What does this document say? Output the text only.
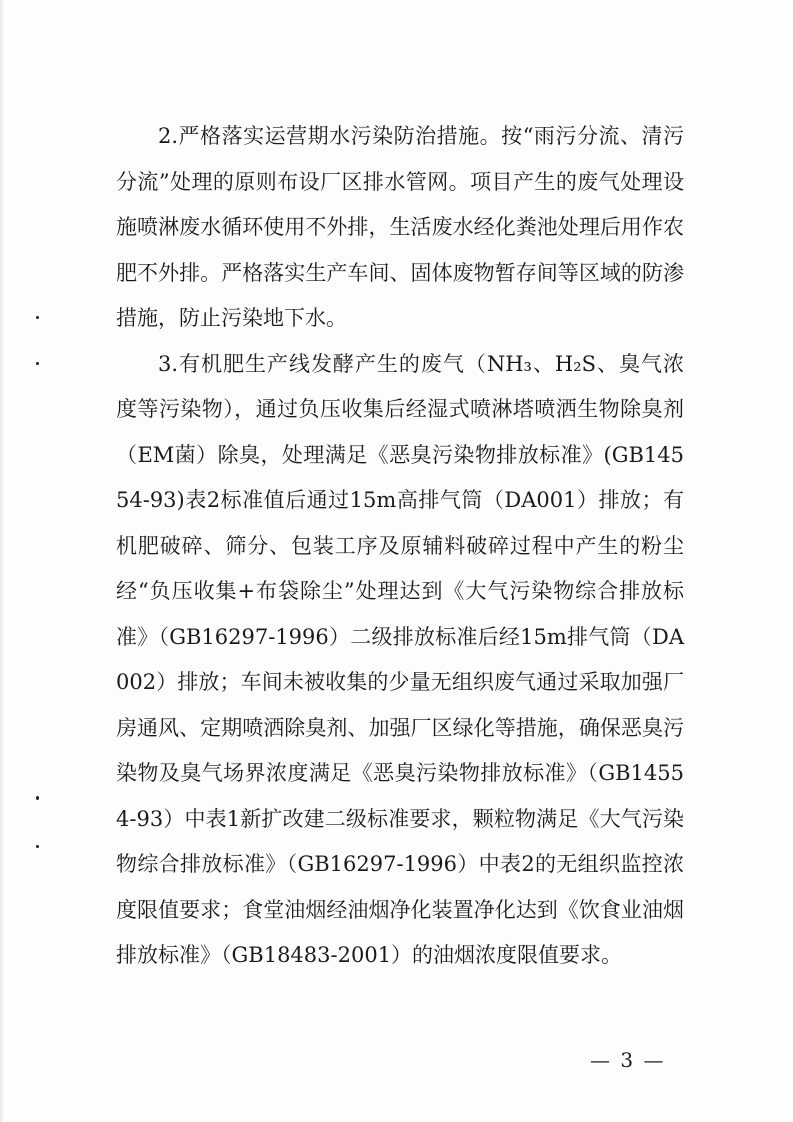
2.严格落实运营期水污染防治措施。按“雨污分流、清污分流”处理的原则布设厂区排水管网。项目产生的废气处理设施喷淋废水循环使用不外排，生活废水经化粪池处理后用作农肥不外排。严格落实生产车间、固体废物暂存间等区域的防渗措施，防止污染地下水。

3.有机肥生产线发酵产生的废气（NH₃、H₂S、臭气浓度等污染物），通过负压收集后经湿式喷淋塔喷洒生物除臭剂（EM菌）除臭，处理满足《恶臭污染物排放标准》(GB14554-93)表2标准值后通过15m高排气筒（DA001）排放；有机肥破碎、筛分、包装工序及原辅料破碎过程中产生的粉尘经“负压收集+布袋除尘”处理达到《大气污染物综合排放标准》（GB16297-1996）二级排放标准后经15m排气筒（DA002）排放；车间未被收集的少量无组织废气通过采取加强厂房通风、定期喷洒除臭剂、加强厂区绿化等措施，确保恶臭污染物及臭气场界浓度满足《恶臭污染物排放标准》（GB14554-93）中表1新扩改建二级标准要求，颗粒物满足《大气污染物综合排放标准》（GB16297-1996）中表2的无组织监控浓度限值要求；食堂油烟经油烟净化装置净化达到《饮食业油烟排放标准》（GB18483-2001）的油烟浓度限值要求。

— 3 —
